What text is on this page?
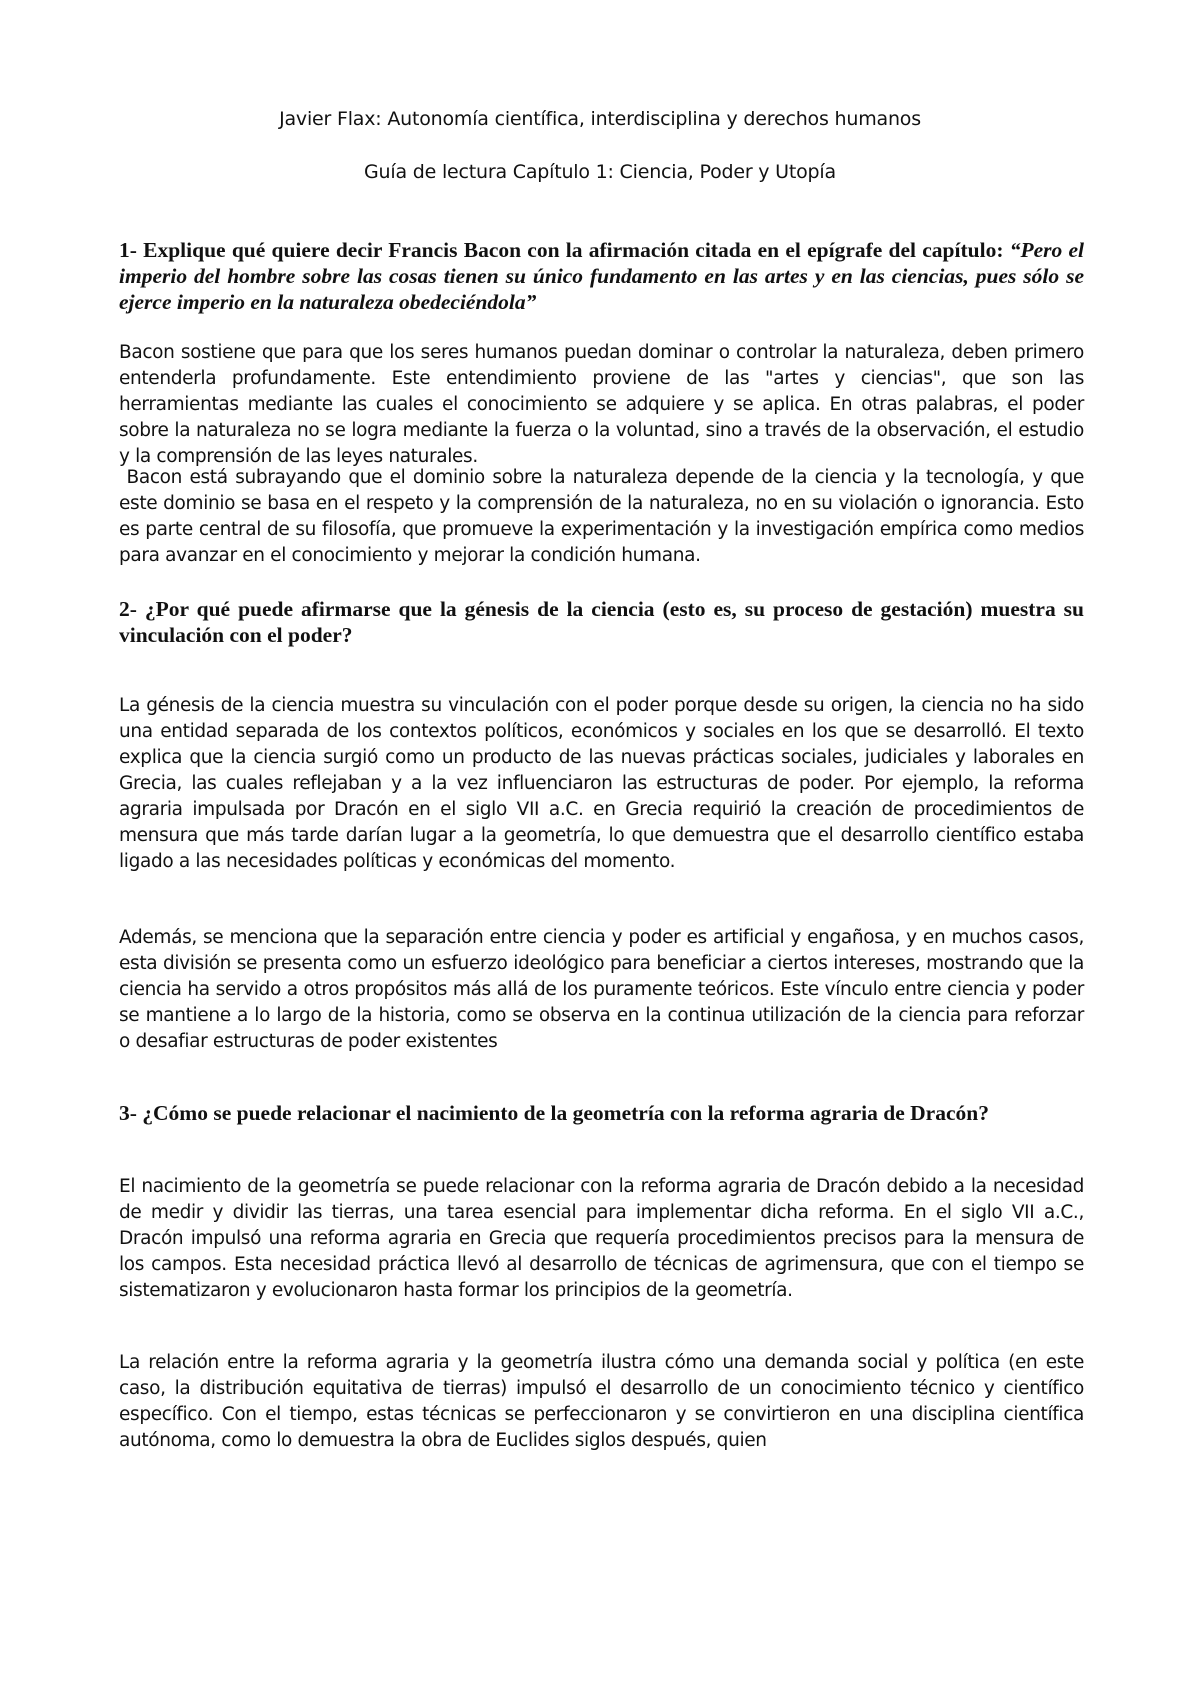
Javier Flax: Autonomía científica, interdisciplina y derechos humanos
Guía de lectura Capítulo 1: Ciencia, Poder y Utopía
1- Explique qué quiere decir Francis Bacon con la afirmación citada en el epígrafe del capítulo: “Pero el imperio del hombre sobre las cosas tienen su único fundamento en las artes y en las ciencias, pues sólo se ejerce imperio en la naturaleza obedeciéndola”

Bacon sostiene que para que los seres humanos puedan dominar o controlar la naturaleza, deben primero entenderla profundamente. Este entendimiento proviene de las "artes y ciencias", que son las herramientas mediante las cuales el conocimiento se adquiere y se aplica. En otras palabras, el poder sobre la naturaleza no se logra mediante la fuerza o la voluntad, sino a través de la observación, el estudio y la comprensión de las leyes naturales.

Bacon está subrayando que el dominio sobre la naturaleza depende de la ciencia y la tecnología, y que este dominio se basa en el respeto y la comprensión de la naturaleza, no en su violación o ignorancia. Esto es parte central de su filosofía, que promueve la experimentación y la investigación empírica como medios para avanzar en el conocimiento y mejorar la condición humana.

2- ¿Por qué puede afirmarse que la génesis de la ciencia (esto es, su proceso de gestación) muestra su vinculación con el poder?

La génesis de la ciencia muestra su vinculación con el poder porque desde su origen, la ciencia no ha sido una entidad separada de los contextos políticos, económicos y sociales en los que se desarrolló. El texto explica que la ciencia surgió como un producto de las nuevas prácticas sociales, judiciales y laborales en Grecia, las cuales reflejaban y a la vez influenciaron las estructuras de poder. Por ejemplo, la reforma agraria impulsada por Dracón en el siglo VII a.C. en Grecia requirió la creación de procedimientos de mensura que más tarde darían lugar a la geometría, lo que demuestra que el desarrollo científico estaba ligado a las necesidades políticas y económicas del momento.

Además, se menciona que la separación entre ciencia y poder es artificial y engañosa, y en muchos casos, esta división se presenta como un esfuerzo ideológico para beneficiar a ciertos intereses, mostrando que la ciencia ha servido a otros propósitos más allá de los puramente teóricos. Este vínculo entre ciencia y poder se mantiene a lo largo de la historia, como se observa en la continua utilización de la ciencia para reforzar o desafiar estructuras de poder existentes

3- ¿Cómo se puede relacionar el nacimiento de la geometría con la reforma agraria de Dracón?

El nacimiento de la geometría se puede relacionar con la reforma agraria de Dracón debido a la necesidad de medir y dividir las tierras, una tarea esencial para implementar dicha reforma. En el siglo VII a.C., Dracón impulsó una reforma agraria en Grecia que requería procedimientos precisos para la mensura de los campos. Esta necesidad práctica llevó al desarrollo de técnicas de agrimensura, que con el tiempo se sistematizaron y evolucionaron hasta formar los principios de la geometría.

La relación entre la reforma agraria y la geometría ilustra cómo una demanda social y política (en este caso, la distribución equitativa de tierras) impulsó el desarrollo de un conocimiento técnico y científico específico. Con el tiempo, estas técnicas se perfeccionaron y se convirtieron en una disciplina científica autónoma, como lo demuestra la obra de Euclides siglos después, quien
